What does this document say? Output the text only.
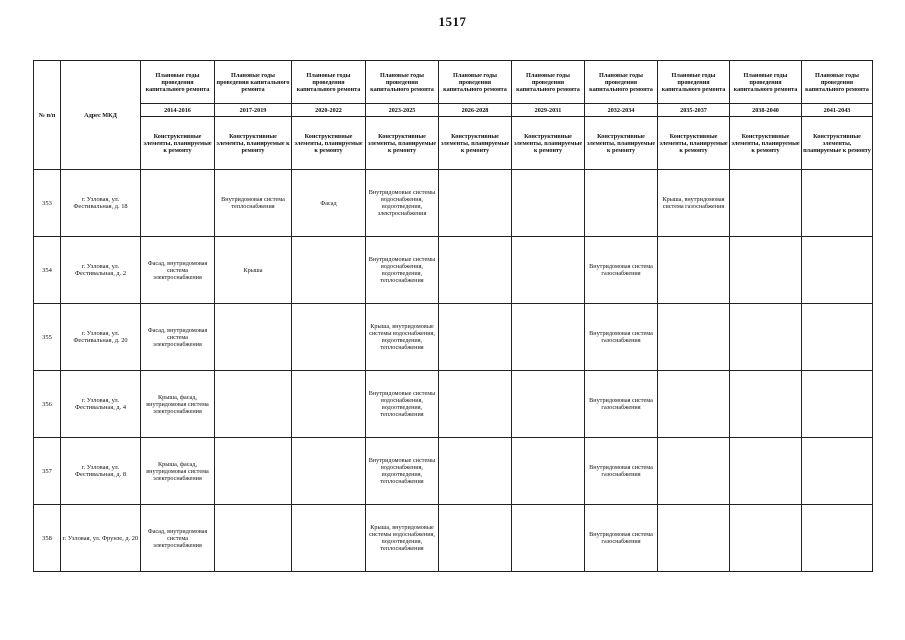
1517
№ п/п	Адрес МКД	Плановые годы проведения капитального ремонта	Плановые годы проведения капитального ремонта	Плановые годы проведения капитального ремонта	Плановые годы проведения капитального ремонта	Плановые годы проведения капитального ремонта	Плановые годы проведения капитального ремонта	Плановые годы проведения капитального ремонта	Плановые годы проведения капитального ремонта	Плановые годы проведения капитального ремонта	Плановые годы проведения капитального ремонта
		2014-2016	2017-2019	2020-2022	2023-2025	2026-2028	2029-2031	2032-2034	2035-2037	2038-2040	2041-2043
		Конструктивные элементы, планируемые к ремонту	Конструктивные элементы, планируемые к ремонту	Конструктивные элементы, планируемые к ремонту	Конструктивные элементы, планируемые к ремонту	Конструктивные элементы, планируемые к ремонту	Конструктивные элементы, планируемые к ремонту	Конструктивные элементы, планируемые к ремонту	Конструктивные элементы, планируемые к ремонту	Конструктивные элементы, планируемые к ремонту	Конструктивные элементы, планируемые к ремонту
353	г. Узловая, ул. Фестивальная, д. 18		Внутридомовая система теплоснабжения	Фасад	Внутридомовые системы водоснабжения, водоотведения, электроснабжения				Крыша, внутридомовая система газоснабжения		
354	г. Узловая, ул. Фестивальная, д. 2	Фасад, внутридомовая система электроснабжения	Крыша		Внутридомовые системы водоснабжения, водоотведения, теплоснабжения			Внутридомовая система газоснабжения			
355	г. Узловая, ул. Фестивальная, д. 20	Фасад, внутридомовая система электроснабжения			Крыша, внутридомовые системы водоснабжения, водоотведения, теплоснабжения			Внутридомовая система газоснабжения			
356	г. Узловая, ул. Фестивальная, д. 4	Крыша, фасад, внутридомовая система электроснабжения			Внутридомовые системы водоснабжения, водоотведения, теплоснабжения			Внутридомовая система газоснабжения			
357	г. Узловая, ул. Фестивальная, д. 8	Крыша, фасад, внутридомовая система электроснабжения			Внутридомовые системы водоснабжения, водоотведения, теплоснабжения			Внутридомовая система газоснабжения			
358	г. Узловая, ул. Фрунзе, д. 20	Фасад, внутридомовая система электроснабжения			Крыша, внутридомовые системы водоснабжения, водоотведения, теплоснабжения			Внутридомовая система газоснабжения			
